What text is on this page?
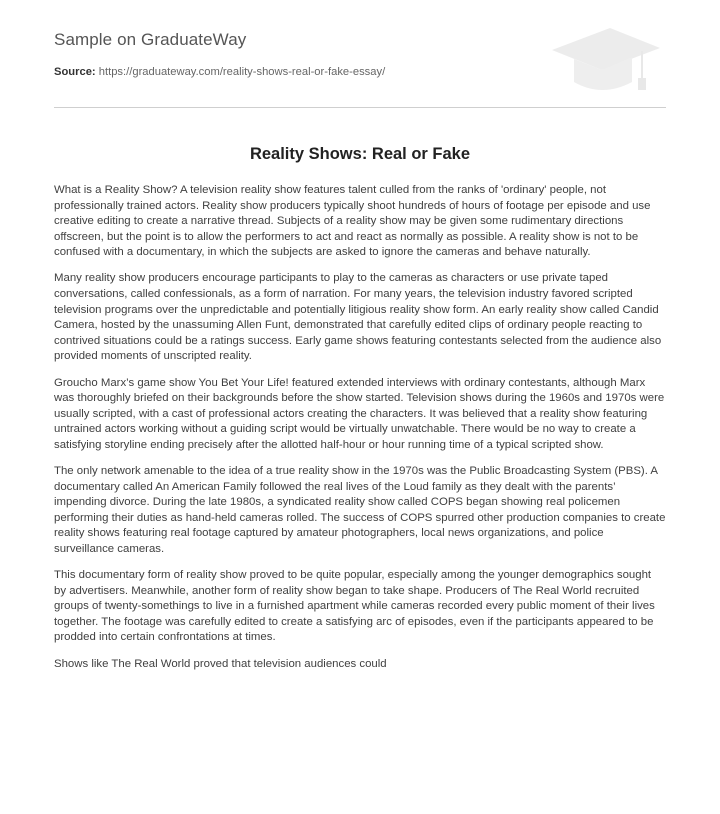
Sample on GraduateWay
Source: https://graduateway.com/reality-shows-real-or-fake-essay/
Reality Shows: Real or Fake

What is a Reality Show? A television reality show features talent culled from the ranks of 'ordinary' people, not professionally trained actors. Reality show producers typically shoot hundreds of hours of footage per episode and use creative editing to create a narrative thread. Subjects of a reality show may be given some rudimentary directions offscreen, but the point is to allow the performers to act and react as normally as possible. A reality show is not to be confused with a documentary, in which the subjects are asked to ignore the cameras and behave naturally.

Many reality show producers encourage participants to play to the cameras as characters or use private taped conversations, called confessionals, as a form of narration. For many years, the television industry favored scripted television programs over the unpredictable and potentially litigious reality show form. An early reality show called Candid Camera, hosted by the unassuming Allen Funt, demonstrated that carefully edited clips of ordinary people reacting to contrived situations could be a ratings success. Early game shows featuring contestants selected from the audience also provided moments of unscripted reality.

Groucho Marx’s game show You Bet Your Life! featured extended interviews with ordinary contestants, although Marx was thoroughly briefed on their backgrounds before the show started. Television shows during the 1960s and 1970s were usually scripted, with a cast of professional actors creating the characters. It was believed that a reality show featuring untrained actors working without a guiding script would be virtually unwatchable. There would be no way to create a satisfying storyline ending precisely after the allotted half-hour or hour running time of a typical scripted show.

The only network amenable to the idea of a true reality show in the 1970s was the Public Broadcasting System (PBS). A documentary called An American Family followed the real lives of the Loud family as they dealt with the parents’ impending divorce. During the late 1980s, a syndicated reality show called COPS began showing real policemen performing their duties as hand-held cameras rolled. The success of COPS spurred other production companies to create reality shows featuring real footage captured by amateur photographers, local news organizations, and police surveillance cameras.

This documentary form of reality show proved to be quite popular, especially among the younger demographics sought by advertisers. Meanwhile, another form of reality show began to take shape. Producers of The Real World recruited groups of twenty-somethings to live in a furnished apartment while cameras recorded every public moment of their lives together. The footage was carefully edited to create a satisfying arc of episodes, even if the participants appeared to be prodded into certain confrontations at times.

Shows like The Real World proved that television audiences could
